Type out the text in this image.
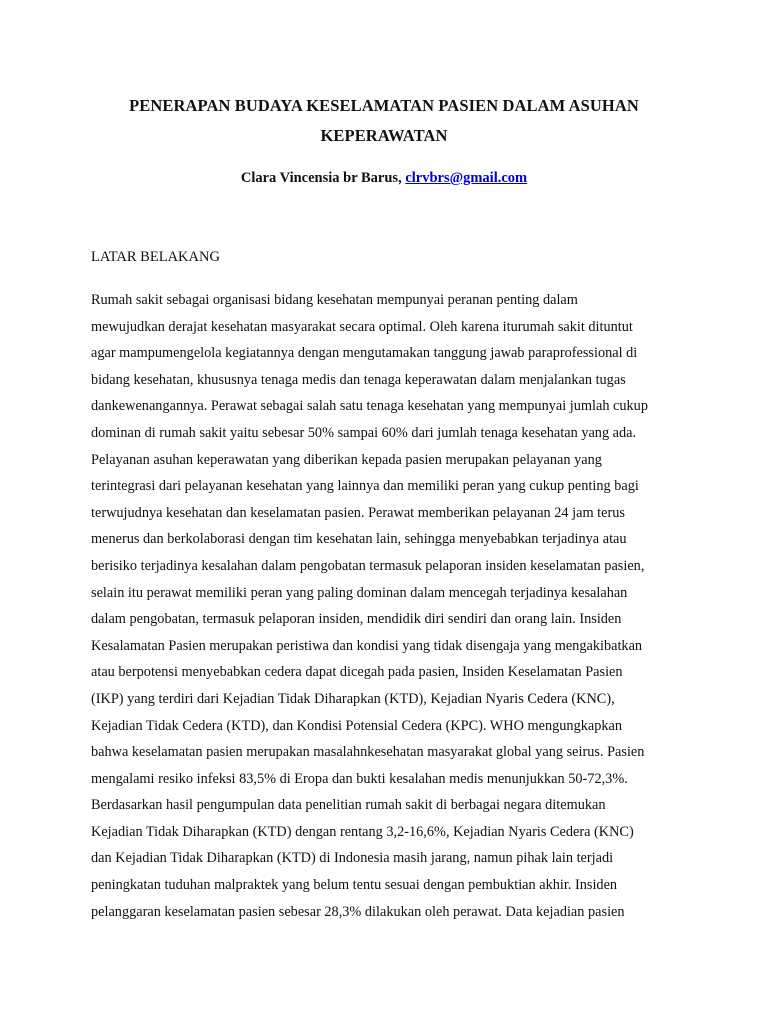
PENERAPAN BUDAYA KESELAMATAN PASIEN DALAM ASUHAN
KEPERAWATAN

Clara Vincensia br Barus, clrvbrs@gmail.com

LATAR BELAKANG
Rumah sakit sebagai organisasi bidang kesehatan mempunyai peranan penting dalam
mewujudkan derajat kesehatan masyarakat secara optimal. Oleh karena iturumah sakit dituntut
agar mampumengelola kegiatannya dengan mengutamakan tanggung jawab paraprofessional di
bidang kesehatan, khususnya tenaga medis dan tenaga keperawatan dalam menjalankan tugas
dankewenangannya. Perawat sebagai salah satu tenaga kesehatan yang mempunyai jumlah cukup
dominan di rumah sakit yaitu sebesar 50% sampai 60% dari jumlah tenaga kesehatan yang ada.
Pelayanan asuhan keperawatan yang diberikan kepada pasien merupakan pelayanan yang
terintegrasi dari pelayanan kesehatan yang lainnya dan memiliki peran yang cukup penting bagi
terwujudnya kesehatan dan keselamatan pasien. Perawat memberikan pelayanan 24 jam terus
menerus dan berkolaborasi dengan tim kesehatan lain, sehingga menyebabkan terjadinya atau
berisiko terjadinya kesalahan dalam pengobatan termasuk pelaporan insiden keselamatan pasien,
selain itu perawat memiliki peran yang paling dominan dalam mencegah terjadinya kesalahan
dalam pengobatan, termasuk pelaporan insiden, mendidik diri sendiri dan orang lain. Insiden
Kesalamatan Pasien merupakan peristiwa dan kondisi yang tidak disengaja yang mengakibatkan
atau berpotensi menyebabkan cedera dapat dicegah pada pasien, Insiden Keselamatan Pasien
(IKP) yang terdiri dari Kejadian Tidak Diharapkan (KTD), Kejadian Nyaris Cedera (KNC),
Kejadian Tidak Cedera (KTD), dan Kondisi Potensial Cedera (KPC). WHO mengungkapkan
bahwa keselamatan pasien merupakan masalahnkesehatan masyarakat global yang seirus. Pasien
mengalami resiko infeksi 83,5% di Eropa dan bukti kesalahan medis menunjukkan 50-72,3%.
Berdasarkan hasil pengumpulan data penelitian rumah sakit di berbagai negara ditemukan
Kejadian Tidak Diharapkan (KTD) dengan rentang 3,2-16,6%, Kejadian Nyaris Cedera (KNC)
dan Kejadian Tidak Diharapkan (KTD) di Indonesia masih jarang, namun pihak lain terjadi
peningkatan tuduhan malpraktek yang belum tentu sesuai dengan pembuktian akhir. Insiden
pelanggaran keselamatan pasien sebesar 28,3% dilakukan oleh perawat. Data kejadian pasien
